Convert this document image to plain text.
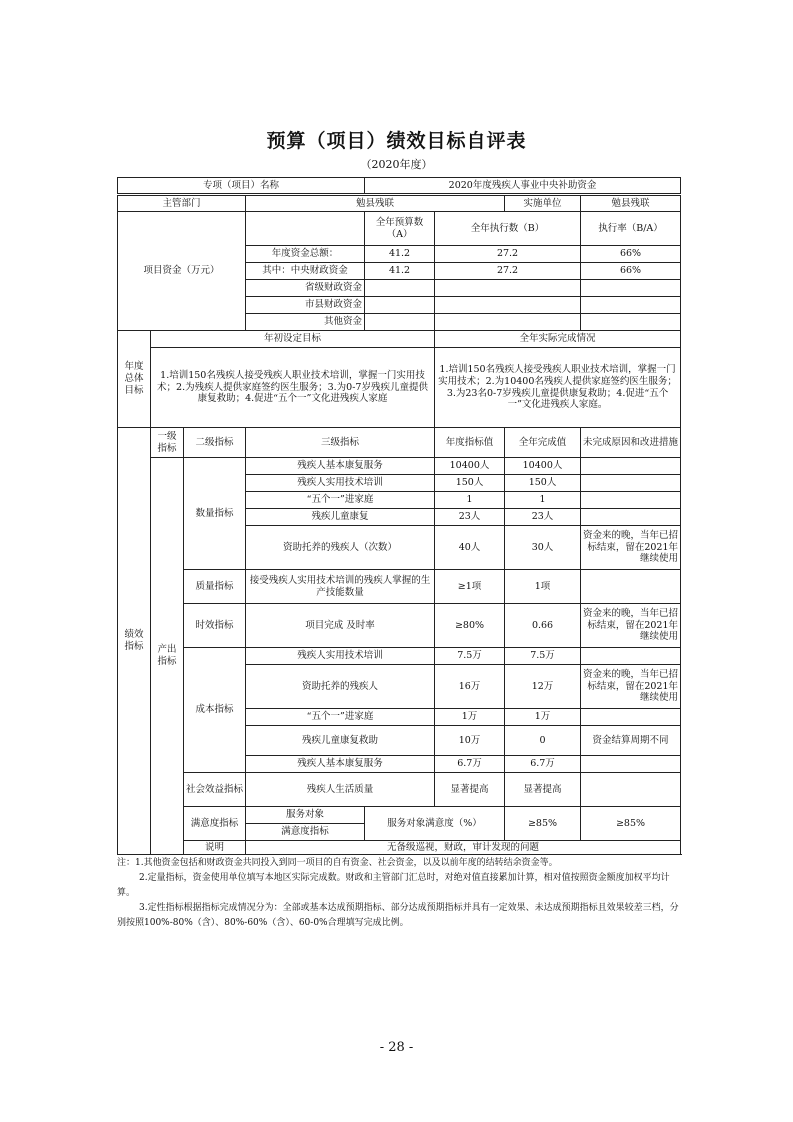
预算（项目）绩效目标自评表
（2020年度）
专项（项目）名称				2020年度残疾人事业中央补助资金				
主管部门			勉县残联			实施单位	勉县残联	
项目资金（万元）				全年预算数（A）	全年执行数（B）		执行率（B/A）	
			年度资金总额：	41.2	27.2		66%	
			其中：中央财政资金	41.2	27.2		66%	
			省级财政资金					
			市县财政资金					
			其他资金					
年度总体目标	年初设定目标				全年实际完成情况			
	1.培训150名残疾人接受残疾人职业技术培训，掌握一门实用技术；2.为残疾人提供家庭签约医生服务；3.为0-7岁残疾儿童提供康复救助；4.促进“五个一”文化进残疾人家庭				1.培训150名残疾人接受残疾人职业技术培训，掌握一门实用技术；2.为10400名残疾人提供家庭签约医生服务；3.为23名0-7岁残疾儿童提供康复救助；4.促进“五个一”文化进残疾人家庭。			
绩效指标	一级指标	二级指标	三级指标		年度指标值	全年完成值	未完成原因和改进措施	
	产出指标	数量指标	残疾人基本康复服务		10400人	10400人		
			残疾人实用技术培训		150人	150人		
			“五个一”进家庭		1	1		
			残疾儿童康复		23人	23人		
			资助托养的残疾人（次数）		40人	30人	资金来的晚，当年已招标结束，留在2021年继续使用	
		质量指标	接受残疾人实用技术培训的残疾人掌握的生产技能数量		≥1项	1项		
		时效指标	项目完成 及时率		≥80%	0.66	资金来的晚，当年已招标结束，留在2021年继续使用	
		成本指标	残疾人实用技术培训		7.5万	7.5万		
			资助托养的残疾人		16万	12万	资金来的晚，当年已招标结束，留在2021年继续使用	
			“五个一”进家庭		1万	1万		
			残疾儿童康复救助		10万	0	资金结算周期不同	
			残疾人基本康复服务		6.7万	6.7万		
		社会效益指标	残疾人生活质量		显著提高	显著提高		
		满意度指标	服务对象	服务对象满意度（%）		≥85%	≥85%	
			满意度指标					
		说明	无备级巡视，财政，审计发现的问题					

注：1.其他资金包括和财政资金共同投入到同一项目的自有资金、社会资金，以及以前年度的结转结余资金等。

2.定量指标，资金使用单位填写本地区实际完成数。财政和主管部门汇总时，对绝对值直接累加计算，相对值按照资金额度加权平均计算。

3.定性指标根据指标完成情况分为：全部或基本达成预期指标、部分达成预期指标并具有一定效果、未达成预期指标且效果较差三档，分别按照100%-80%（含）、80%-60%（含）、60-0%合理填写完成比例。

- 28 -
